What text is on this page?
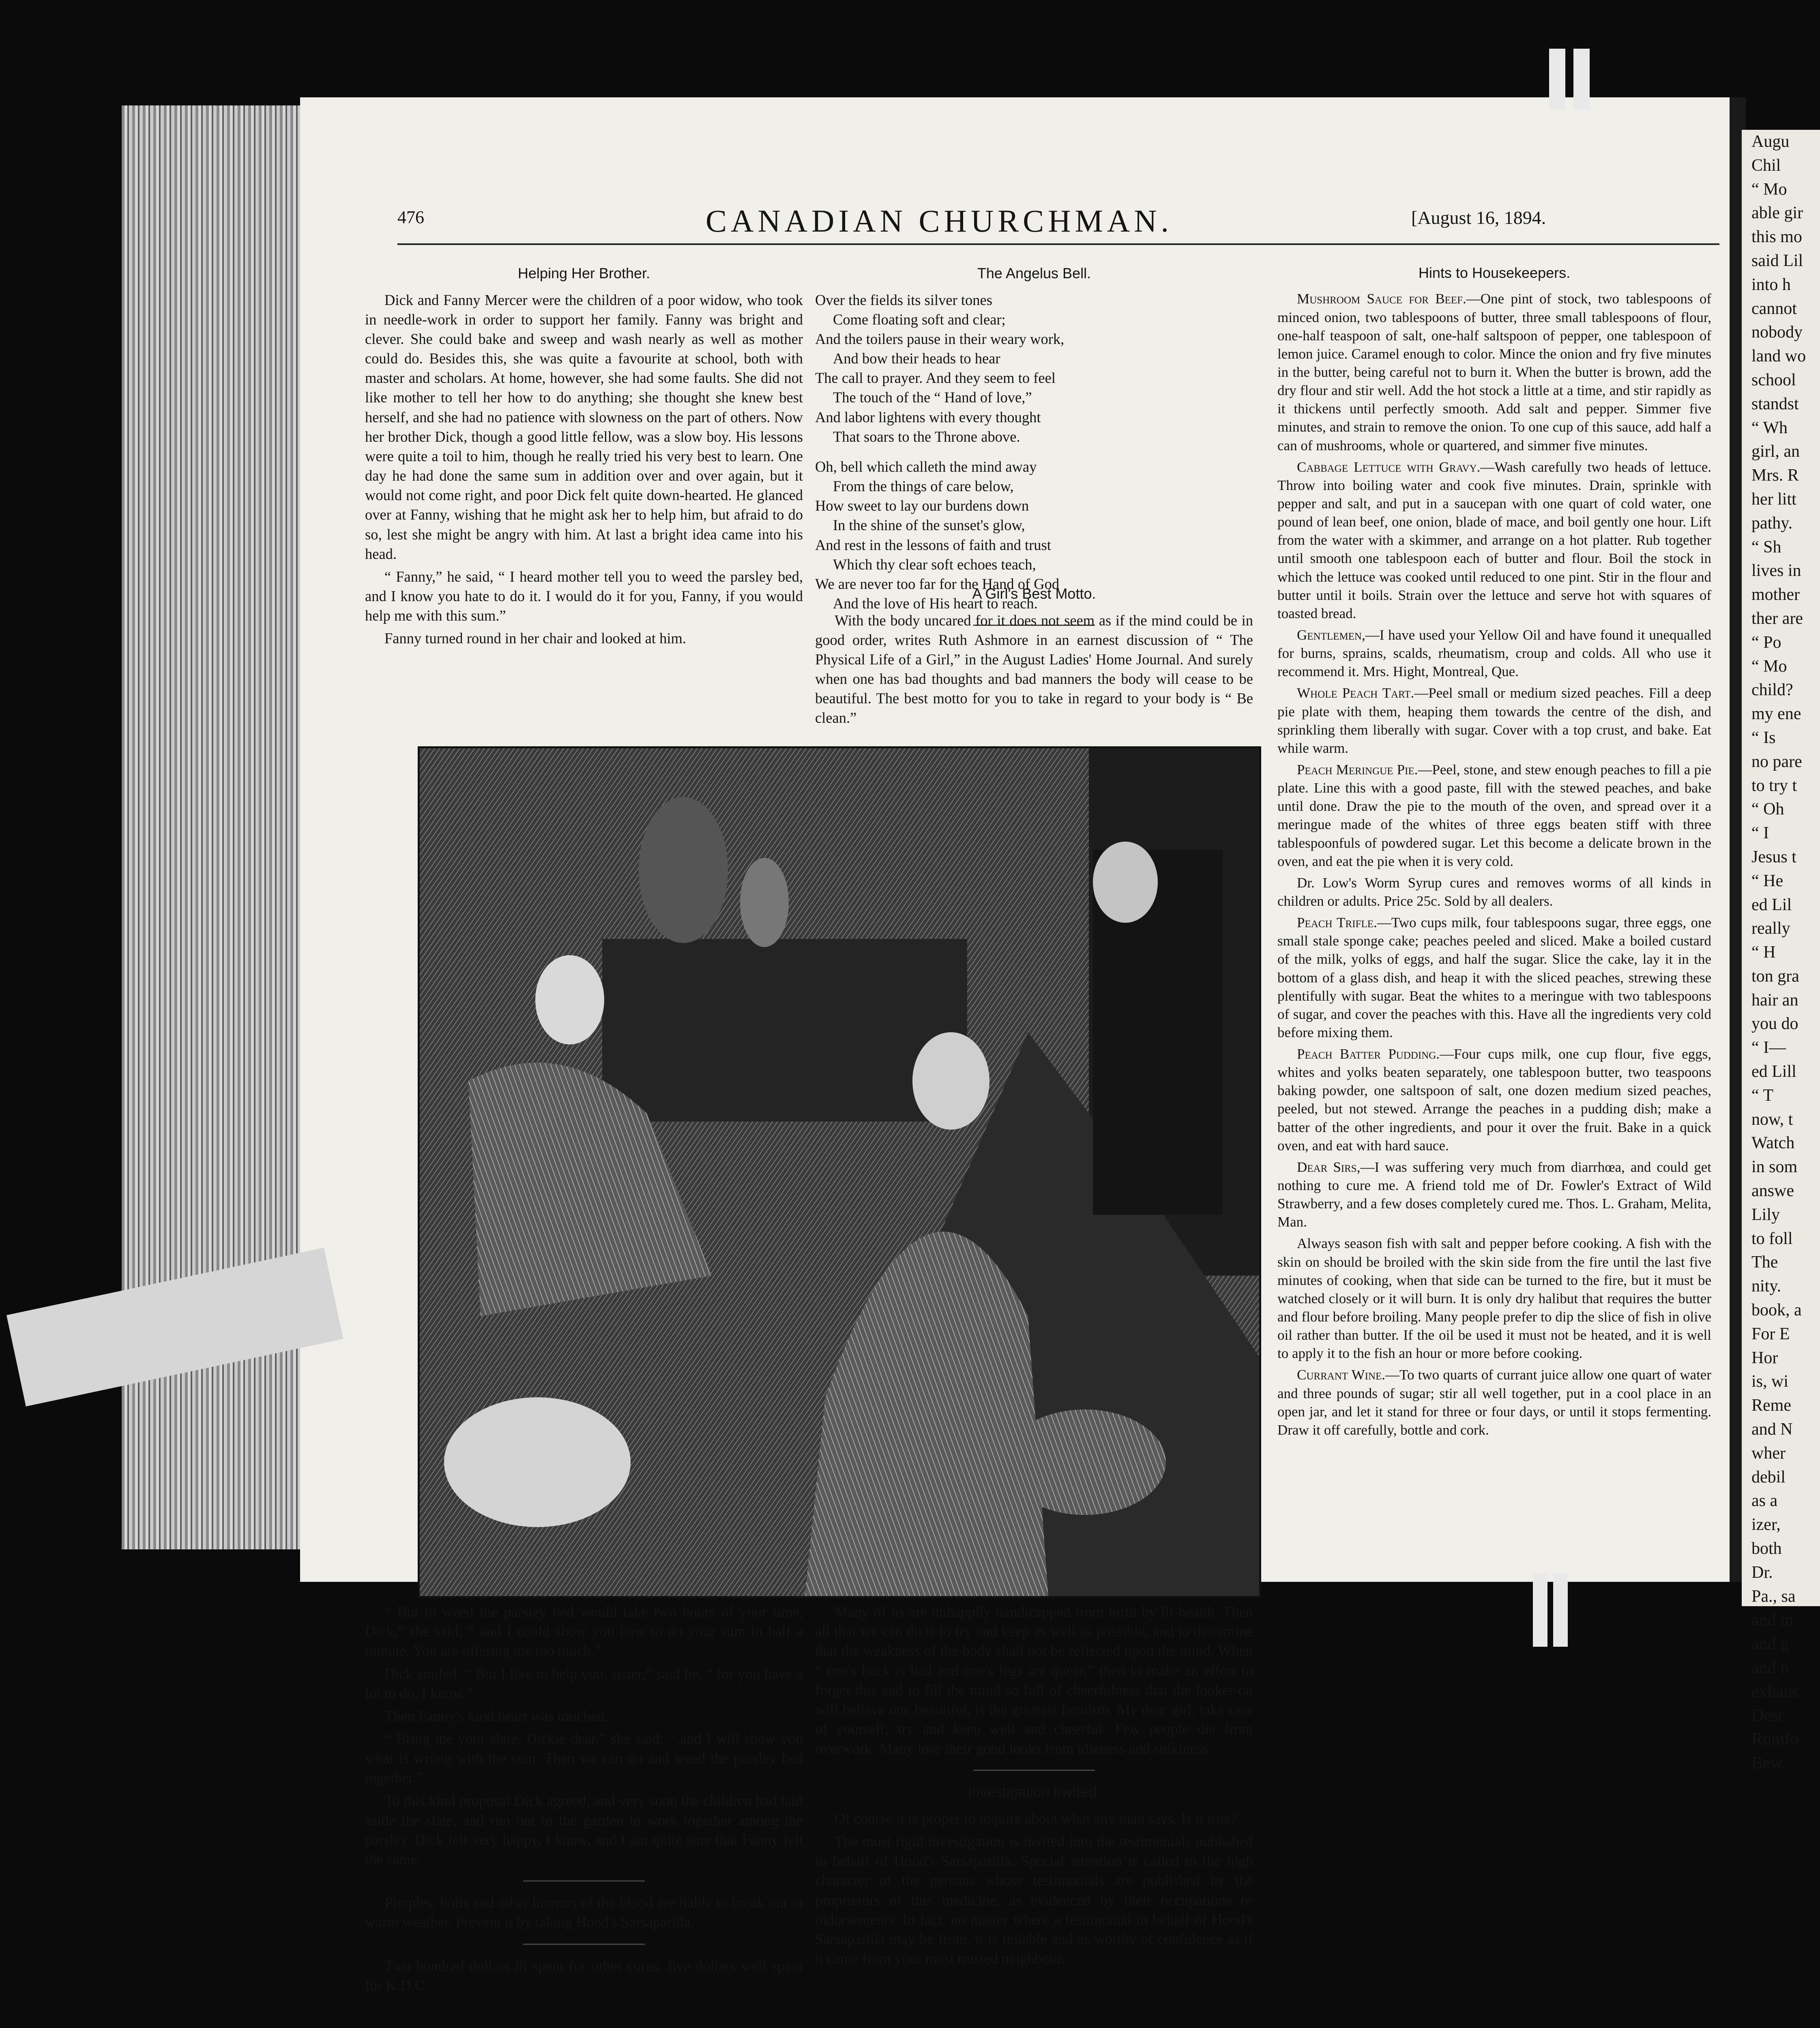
Augu
Chil
“ Mo
able gir
this mo
said Lil
into h
cannot
nobody
land wo
school
standst
“ Wh
girl, an
Mrs. R
her litt
pathy.
“ Sh
lives in
mother
ther are
“ Po
“ Mo
child?
my ene
“ Is
no pare
to try t
“ Oh
“ I
Jesus t
“ He
ed Lil
really
“ H
ton gra
hair an
you do
“ I—
ed Lill
“ T
now, t
Watch
in som
answe
Lily
to foll
The
nity.
book, a
For E
Hor
is, wi
Reme
and N
wher
debil
as a
izer,
both
Dr.
Pa., sa
and m
and g
and n
exhaus
Desc
Rumfo
Bew
476	CANADIAN CHURCHMAN.	[August 16, 1894.
Helping Her Brother.

Dick and Fanny Mercer were the children of a poor widow, who took in needle-work in order to support her family. Fanny was bright and clever. She could bake and sweep and wash nearly as well as mother could do. Besides this, she was quite a favourite at school, both with master and scholars. At home, however, she had some faults. She did not like mother to tell her how to do anything; she thought she knew best herself, and she had no patience with slowness on the part of others. Now her brother Dick, though a good little fellow, was a slow boy. His lessons were quite a toil to him, though he really tried his very best to learn. One day he had done the same sum in addition over and over again, but it would not come right, and poor Dick felt quite down-hearted. He glanced over at Fanny, wishing that he might ask her to help him, but afraid to do so, lest she might be angry with him. At last a bright idea came into his head.

“ Fanny,” he said, “ I heard mother tell you to weed the parsley bed, and I know you hate to do it. I would do it for you, Fanny, if you would help me with this sum.”

Fanny turned round in her chair and looked at him.

The Angelus Bell.

Over the fields its silver tones

Come floating soft and clear;

And the toilers pause in their weary work,

And bow their heads to hear

The call to prayer. And they seem to feel

The touch of the “ Hand of love,”

And labor lightens with every thought

That soars to the Throne above.

Oh, bell which calleth the mind away

From the things of care below,

How sweet to lay our burdens down

In the shine of the sunset's glow,

And rest in the lessons of faith and trust

Which thy clear soft echoes teach,

We are never too far for the Hand of God

And the love of His heart to reach.

A Girl's Best Motto.

With the body uncared for it does not seem as if the mind could be in good order, writes Ruth Ashmore in an earnest discussion of “ The Physical Life of a Girl,” in the August Ladies' Home Journal. And surely when one has bad thoughts and bad manners the body will cease to be beautiful. The best motto for you to take in regard to your body is “ Be clean.”

“ But to weed the parsley bed would take two hours of your time, Dick,” she said, “ and I could show you how to do your sum in half a minute. You are offering me too much.”

Dick smiled. “ But I like to help you, sister,” said he, “ for you have a lot to do, I know.”

Then Fanny's kind heart was touched.

“ Bring me your slate, Dickie dear,” she said, “ and I will show you what is wrong with the sum. Then we can go and weed the parsley bed together.”

To this kind proposal Dick agreed, and very soon the children had laid aside the slate, and run out to the garden to work together among the parsley. Dick felt very happy, I know, and I am quite sure that Fanny felt the same.

Pimples, boils and other humors of the blood are liable to break out in warm weather. Prevent it by taking Hood's Sarsaparilla.

Two hundred dollars ill spent for other cures, five dollars well spent for K.D.C.

Many of us are unhappily handicapped from birth by ill-health. Then all that we can do is to try and keep as well as possible, and to determine that the weakness of the body shall not be reflected upon the mind. When “ one's back is bad and one's legs are queer,” then to make an effort to forget this and to fill the mind so full of cheerfulness that the looker-on will believe one beautiful, is the greatest heroism. My dear girl, take care of yourself; try and keep well and cheerful. Few people die from overwork. Many lose their good looks from idleness and sulkiness.

Investigation Invited.

Of course it is proper to inquire about what any man says, Is it true?

The most rigid investigation is invited into the testimonials published in behalf of Hood's Sarsaparilla. Special attention is called to the high character of the persons whose testimonials are published by the proprietors of this medicine, as evidenced by their occupations or indorsements. In fact, no matter where a testimonial in behalf of Hood's Sarsaparilla may be from, it is reliable and as worthy of confidence as if it came from your most trusted neighbour.

Hints to Housekeepers.

Mushroom Sauce for Beef.—One pint of stock, two tablespoons of minced onion, two tablespoons of butter, three small tablespoons of flour, one-half teaspoon of salt, one-half saltspoon of pepper, one tablespoon of lemon juice. Caramel enough to color. Mince the onion and fry five minutes in the butter, being careful not to burn it. When the butter is brown, add the dry flour and stir well. Add the hot stock a little at a time, and stir rapidly as it thickens until perfectly smooth. Add salt and pepper. Simmer five minutes, and strain to remove the onion. To one cup of this sauce, add half a can of mushrooms, whole or quartered, and simmer five minutes.

Cabbage Lettuce with Gravy.—Wash carefully two heads of lettuce. Throw into boiling water and cook five minutes. Drain, sprinkle with pepper and salt, and put in a saucepan with one quart of cold water, one pound of lean beef, one onion, blade of mace, and boil gently one hour. Lift from the water with a skimmer, and arrange on a hot platter. Rub together until smooth one tablespoon each of butter and flour. Boil the stock in which the lettuce was cooked until reduced to one pint. Stir in the flour and butter until it boils. Strain over the lettuce and serve hot with squares of toasted bread.

Gentlemen,—I have used your Yellow Oil and have found it unequalled for burns, sprains, scalds, rheumatism, croup and colds. All who use it recommend it. Mrs. Hight, Montreal, Que.

Whole Peach Tart.—Peel small or medium sized peaches. Fill a deep pie plate with them, heaping them towards the centre of the dish, and sprinkling them liberally with sugar. Cover with a top crust, and bake. Eat while warm.

Peach Meringue Pie.—Peel, stone, and stew enough peaches to fill a pie plate. Line this with a good paste, fill with the stewed peaches, and bake until done. Draw the pie to the mouth of the oven, and spread over it a meringue made of the whites of three eggs beaten stiff with three tablespoonfuls of powdered sugar. Let this become a delicate brown in the oven, and eat the pie when it is very cold.

Dr. Low's Worm Syrup cures and removes worms of all kinds in children or adults. Price 25c. Sold by all dealers.

Peach Trifle.—Two cups milk, four tablespoons sugar, three eggs, one small stale sponge cake; peaches peeled and sliced. Make a boiled custard of the milk, yolks of eggs, and half the sugar. Slice the cake, lay it in the bottom of a glass dish, and heap it with the sliced peaches, strewing these plentifully with sugar. Beat the whites to a meringue with two tablespoons of sugar, and cover the peaches with this. Have all the ingredients very cold before mixing them.

Peach Batter Pudding.—Four cups milk, one cup flour, five eggs, whites and yolks beaten separately, one tablespoon butter, two teaspoons baking powder, one saltspoon of salt, one dozen medium sized peaches, peeled, but not stewed. Arrange the peaches in a pudding dish; make a batter of the other ingredients, and pour it over the fruit. Bake in a quick oven, and eat with hard sauce.

Dear Sirs,—I was suffering very much from diarrhœa, and could get nothing to cure me. A friend told me of Dr. Fowler's Extract of Wild Strawberry, and a few doses completely cured me. Thos. L. Graham, Melita, Man.

Always season fish with salt and pepper before cooking. A fish with the skin on should be broiled with the skin side from the fire until the last five minutes of cooking, when that side can be turned to the fire, but it must be watched closely or it will burn. It is only dry halibut that requires the butter and flour before broiling. Many people prefer to dip the slice of fish in olive oil rather than butter. If the oil be used it must not be heated, and it is well to apply it to the fish an hour or more before cooking.

Currant Wine.—To two quarts of currant juice allow one quart of water and three pounds of sugar; stir all well together, put in a cool place in an open jar, and let it stand for three or four days, or until it stops fermenting. Draw it off carefully, bottle and cork.
